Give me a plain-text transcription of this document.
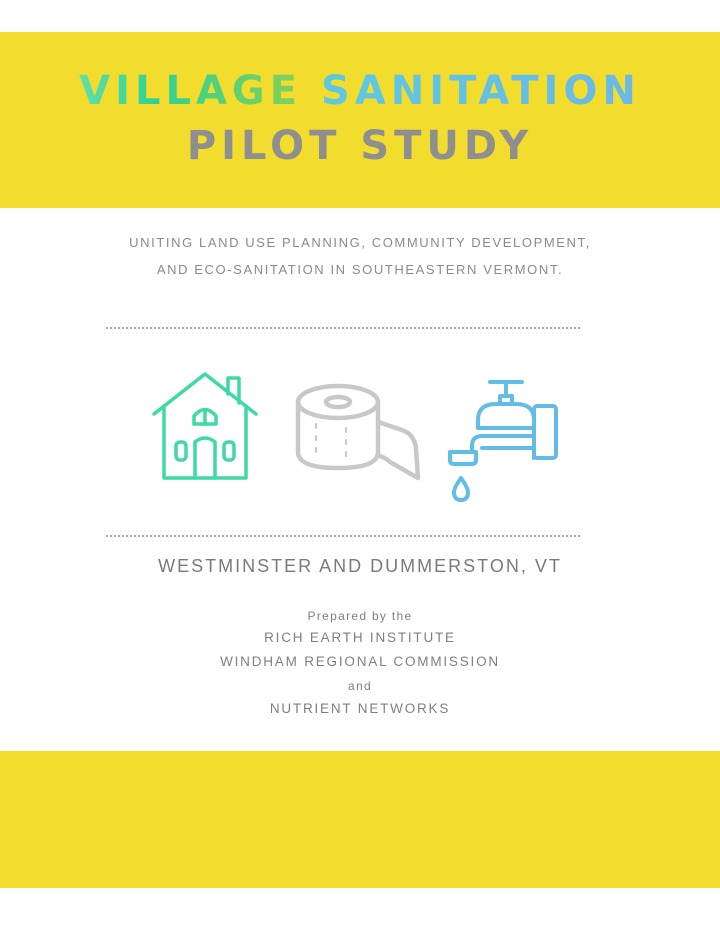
VILLAGE SANITATION
PILOT STUDY
UNITING LAND USE PLANNING, COMMUNITY DEVELOPMENT,
AND ECO-SANITATION IN SOUTHEASTERN VERMONT.
WESTMINSTER AND DUMMERSTON, VT
Prepared by the
RICH EARTH INSTITUTE
WINDHAM REGIONAL COMMISSION
and
NUTRIENT NETWORKS
